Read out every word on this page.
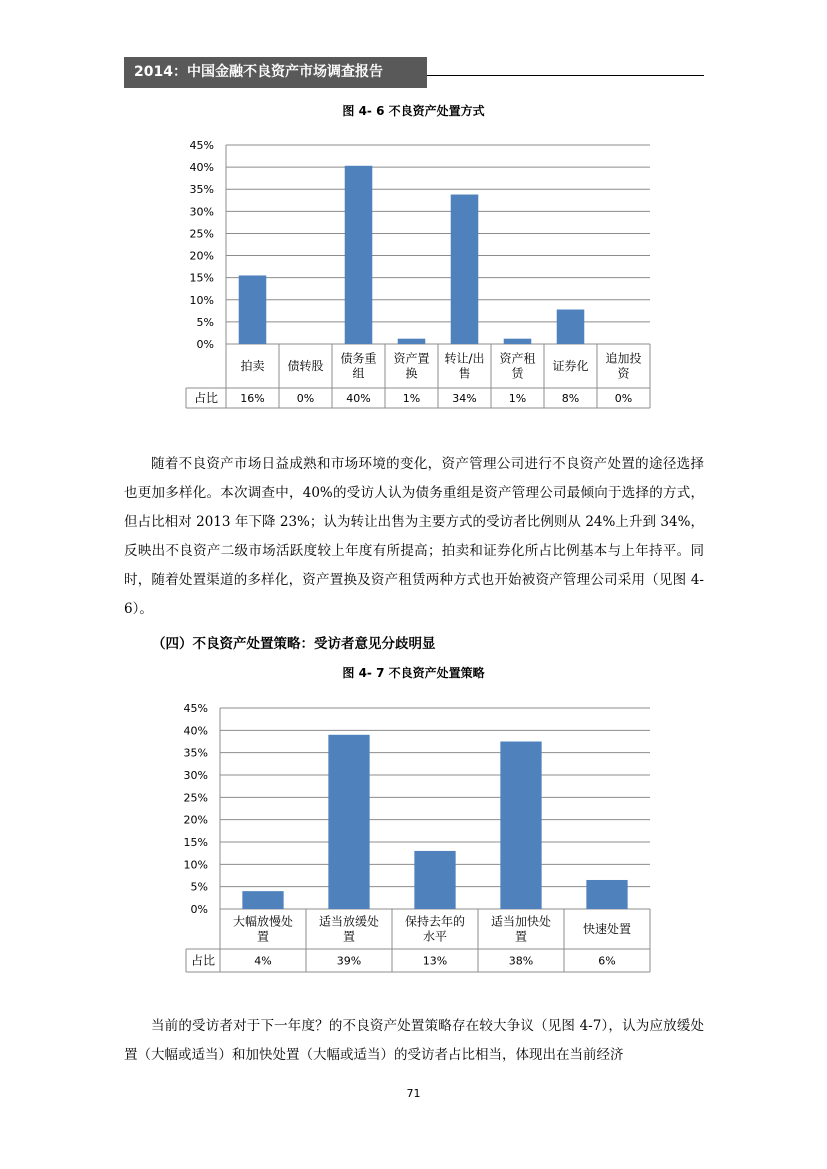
2014：中国金融不良资产市场调查报告
图 4- 6 不良资产处置方式
0%
5%
10%
15%
20%
25%
30%
35%
40%
45%
占比
拍卖
16%
债转股
0%
债务重组
40%
资产置换
1%
转让/出售
34%
资产租赁
1%
证券化
8%
追加投资
0%

随着不良资产市场日益成熟和市场环境的变化，资产管理公司进行不良资产处置的途径选择也更加多样化。本次调查中，40%的受访人认为债务重组是资产管理公司最倾向于选择的方式，但占比相对 2013 年下降 23%；认为转让出售为主要方式的受访者比例则从 24%上升到 34%，反映出不良资产二级市场活跃度较上年度有所提高；拍卖和证券化所占比例基本与上年持平。同时，随着处置渠道的多样化，资产置换及资产租赁两种方式也开始被资产管理公司采用（见图 4-6）。

（四）不良资产处置策略：受访者意见分歧明显
图 4- 7 不良资产处置策略
0%
5%
10%
15%
20%
25%
30%
35%
40%
45%
占比
大幅放慢处置
4%
适当放缓处置
39%
保持去年的水平
13%
适当加快处置
38%
快速处置
6%

当前的受访者对于下一年度？的不良资产处置策略存在较大争议（见图 4-7），认为应放缓处置（大幅或适当）和加快处置（大幅或适当）的受访者占比相当，体现出在当前经济

71
